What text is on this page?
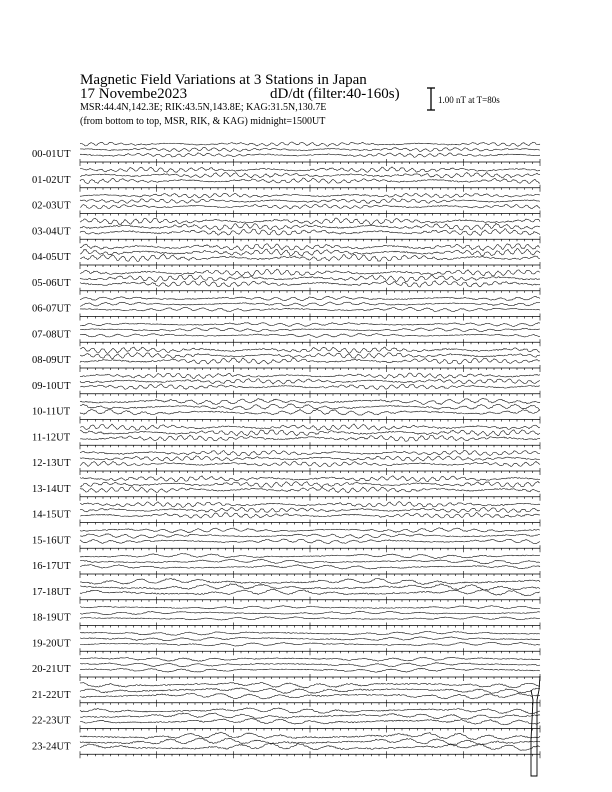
Magnetic Field Variations at 3 Stations in Japan
17 Novembe2023	dD/dt (filter:40-160s)
MSR:44.4N,142.3E; RIK:43.5N,143.8E; KAG:31.5N,130.7E
(from bottom to top, MSR, RIK, & KAG) midnight=1500UT
1.00 nT at T=80s
00-01UT
01-02UT
02-03UT
03-04UT
04-05UT
05-06UT
06-07UT
07-08UT
08-09UT
09-10UT
10-11UT
11-12UT
12-13UT
13-14UT
14-15UT
15-16UT
16-17UT
17-18UT
18-19UT
19-20UT
20-21UT
21-22UT
22-23UT
23-24UT
